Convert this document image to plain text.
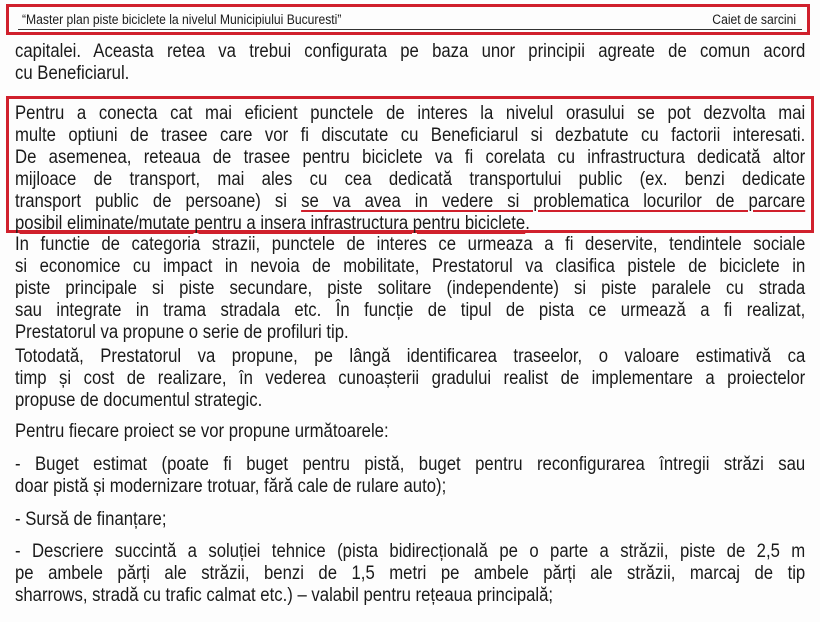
“Master plan piste biciclete la nivelul Municipiului Bucuresti”	Caiet de sarcini
capitalei. Aceasta retea va trebui configurata pe baza unor principii agreate de comun acord
cu Beneficiarul.
Pentru a conecta cat mai eficient punctele de interes la nivelul orasului se pot dezvolta mai
multe optiuni de trasee care vor fi discutate cu Beneficiarul si dezbatute cu factorii interesati.
De asemenea, reteaua de trasee pentru biciclete va fi corelata cu infrastructura dedicată altor
mijloace de transport, mai ales cu cea dedicată transportului public (ex. benzi dedicate
transport public de persoane) si se va avea in vedere si problematica locurilor de parcare
posibil eliminate/mutate pentru a insera infrastructura pentru biciclete.
In functie de categoria strazii, punctele de interes ce urmeaza a fi deservite, tendintele sociale
si economice cu impact in nevoia de mobilitate, Prestatorul va clasifica pistele de biciclete in
piste principale si piste secundare, piste solitare (independente) si piste paralele cu strada
sau integrate in trama stradala etc. În funcție de tipul de pista ce urmează a fi realizat,
Prestatorul va propune o serie de profiluri tip.
Totodată, Prestatorul va propune, pe lângă identificarea traseelor, o valoare estimativă ca
timp și cost de realizare, în vederea cunoașterii gradului realist de implementare a proiectelor
propuse de documentul strategic.
Pentru fiecare proiect se vor propune următoarele:
- Buget estimat (poate fi buget pentru pistă, buget pentru reconfigurarea întregii străzi sau
doar pistă și modernizare trotuar, fără cale de rulare auto);
- Sursă de finanțare;
- Descriere succintă a soluției tehnice (pista bidirecțională pe o parte a străzii, piste de 2,5 m
pe ambele părți ale străzii, benzi de 1,5 metri pe ambele părți ale străzii, marcaj de tip
sharrows, stradă cu trafic calmat etc.) – valabil pentru rețeaua principală;
